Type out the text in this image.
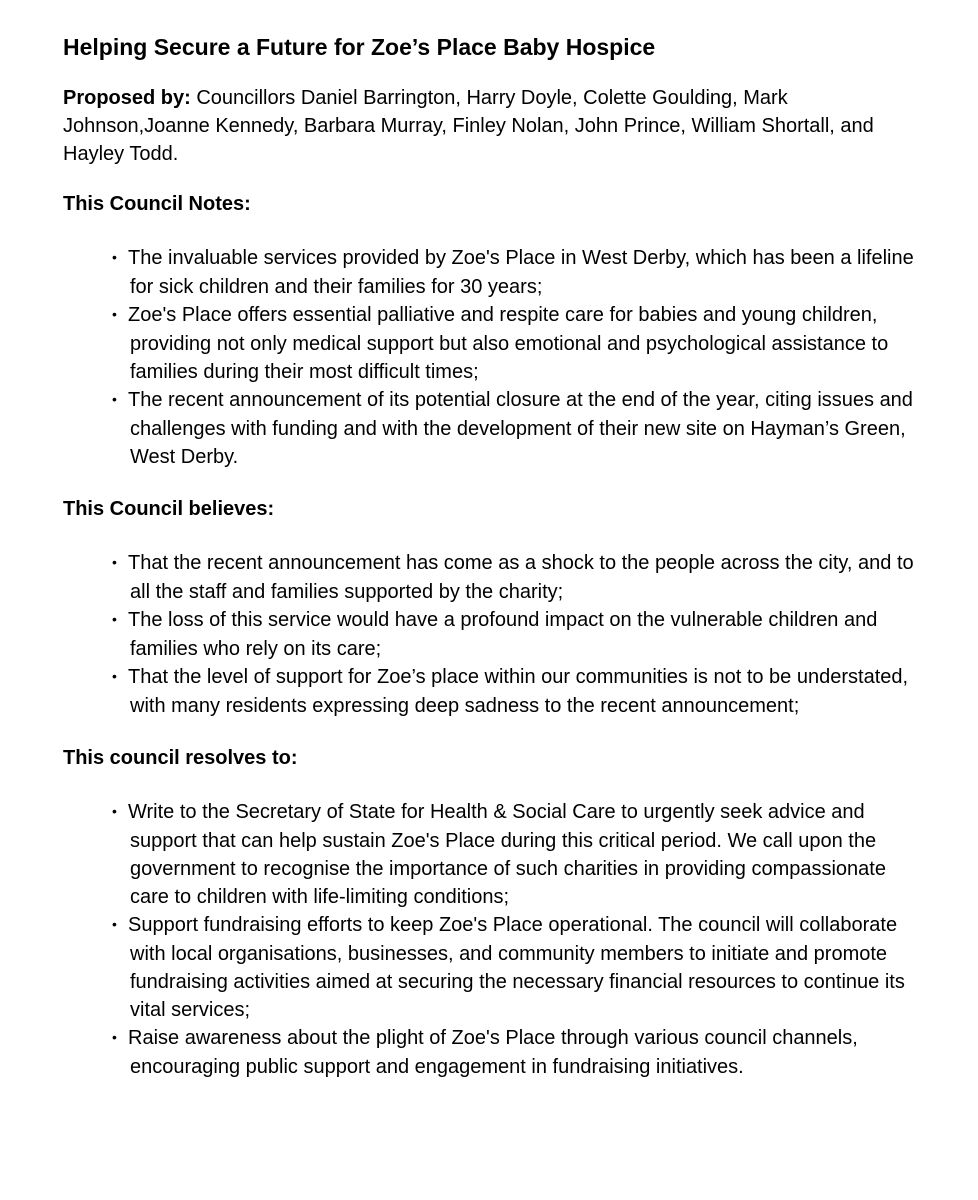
Helping Secure a Future for Zoe’s Place Baby Hospice

Proposed by: Councillors Daniel Barrington, Harry Doyle, Colette Goulding, Mark Johnson,Joanne Kennedy, Barbara Murray, Finley Nolan, John Prince, William Shortall, and Hayley Todd.

This Council Notes:
• The invaluable services provided by Zoe's Place in West Derby, which has been a lifeline for sick children and their families for 30 years;
• Zoe's Place offers essential palliative and respite care for babies and young children, providing not only medical support but also emotional and psychological assistance to families during their most difficult times;
• The recent announcement of its potential closure at the end of the year, citing issues and challenges with funding and with the development of their new site on Hayman’s Green, West Derby.
This Council believes:
• That the recent announcement has come as a shock to the people across the city, and to all the staff and families supported by the charity;
• The loss of this service would have a profound impact on the vulnerable children and families who rely on its care;
• That the level of support for Zoe’s place within our communities is not to be understated, with many residents expressing deep sadness to the recent announcement;
This council resolves to:
• Write to the Secretary of State for Health & Social Care to urgently seek advice and support that can help sustain Zoe's Place during this critical period. We call upon the government to recognise the importance of such charities in providing compassionate care to children with life-limiting conditions;
• Support fundraising efforts to keep Zoe's Place operational. The council will collaborate with local organisations, businesses, and community members to initiate and promote fundraising activities aimed at securing the necessary financial resources to continue its vital services;
• Raise awareness about the plight of Zoe's Place through various council channels, encouraging public support and engagement in fundraising initiatives.
